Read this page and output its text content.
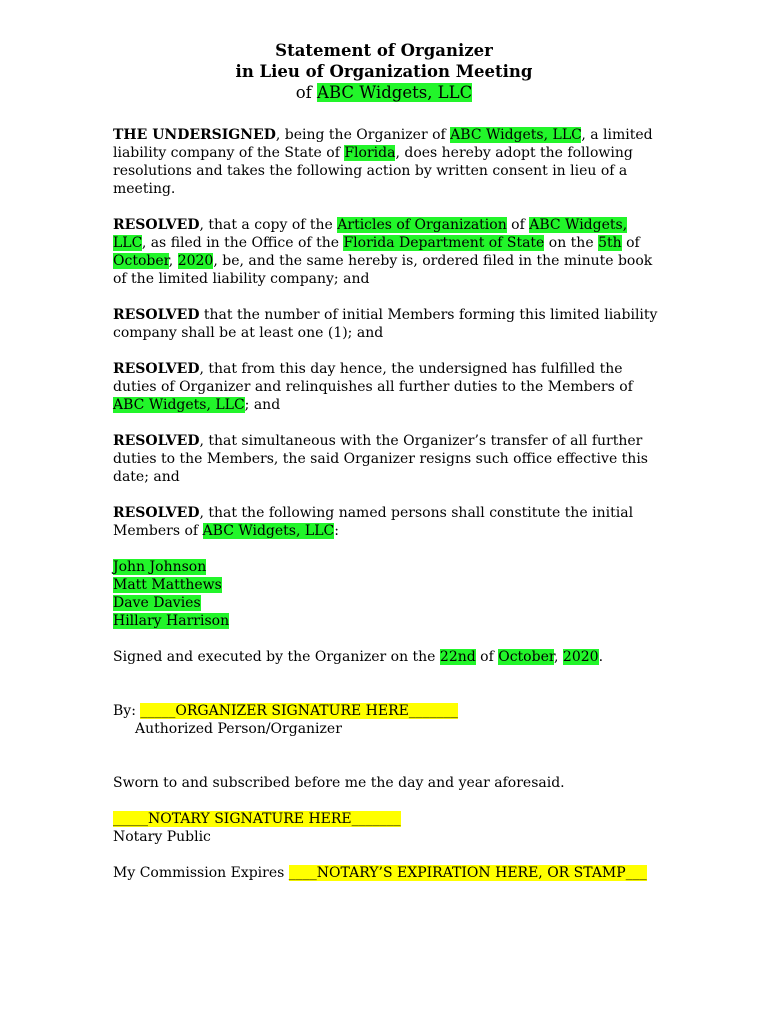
Statement of Organizer
in Lieu of Organization Meeting
of ABC Widgets, LLC

THE UNDERSIGNED, being the Organizer of ABC Widgets, LLC, a limited liability company of the State of Florida, does hereby adopt the following resolutions and takes the following action by written consent in lieu of a meeting.

RESOLVED, that a copy of the Articles of Organization of ABC Widgets, LLC, as filed in the Office of the Florida Department of State on the 5th of October, 2020, be, and the same hereby is, ordered filed in the minute book of the limited liability company; and

RESOLVED that the number of initial Members forming this limited liability company shall be at least one (1); and

RESOLVED, that from this day hence, the undersigned has fulfilled the duties of Organizer and relinquishes all further duties to the Members of ABC Widgets, LLC; and

RESOLVED, that simultaneous with the Organizer’s transfer of all further duties to the Members, the said Organizer resigns such office effective this date; and

RESOLVED, that the following named persons shall constitute the initial Members of ABC Widgets, LLC:

John Johnson
Matt Matthews
Dave Davies
Hillary Harrison

Signed and executed by the Organizer on the 22nd of October, 2020.

By: _____ORGANIZER SIGNATURE HERE_______
Authorized Person/Organizer

Sworn to and subscribed before me the day and year aforesaid.

_____NOTARY SIGNATURE HERE_______
Notary Public

My Commission Expires ____NOTARY’S EXPIRATION HERE, OR STAMP___
